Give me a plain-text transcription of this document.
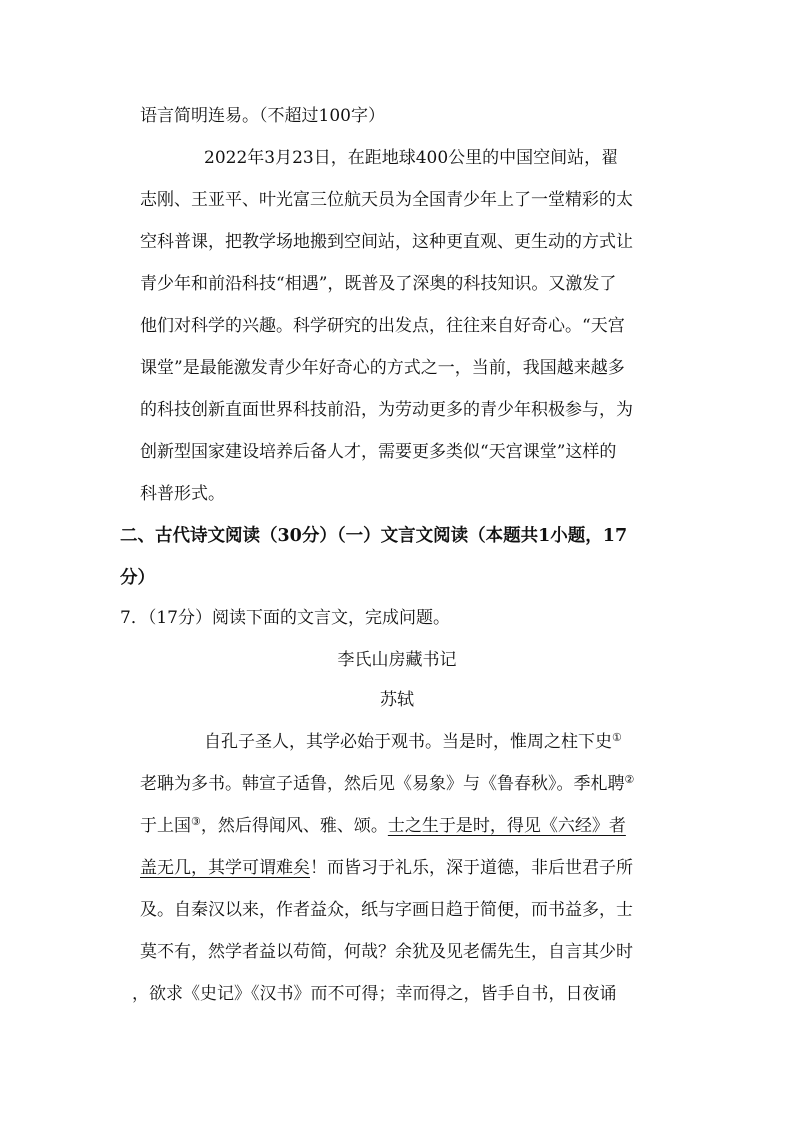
语言简明连易。（不超过100字）
2022年3月23日，在距地球400公里的中国空间站，翟
志刚、王亚平、叶光富三位航天员为全国青少年上了一堂精彩的太
空科普课，把教学场地搬到空间站，这种更直观、更生动的方式让
青少年和前沿科技“相遇”，既普及了深奥的科技知识。又激发了
他们对科学的兴趣。科学研究的出发点，往往来自好奇心。“天宫
课堂”是最能激发青少年好奇心的方式之一，当前，我国越来越多
的科技创新直面世界科技前沿，为劳动更多的青少年积极参与，为
创新型国家建设培养后备人才，需要更多类似“天宫课堂”这样的
科普形式。
二、古代诗文阅读（30分）（一）文言文阅读（本题共1小题，17
分）
7．（17分）阅读下面的文言文，完成问题。
李氏山房藏书记
苏轼
自孔子圣人，其学必始于观书。当是时，惟周之柱下史①
老聃为多书。韩宣子适鲁，然后见《易象》与《鲁春秋》。季札聘②
于上国③，然后得闻风、雅、颂。士之生于是时，得见《六经》者
盖无几，其学可谓难矣！而皆习于礼乐，深于道德，非后世君子所
及。自秦汉以来，作者益众，纸与字画日趋于简便，而书益多，士
莫不有，然学者益以苟简，何哉？余犹及见老儒先生，自言其少时
，欲求《史记》《汉书》而不可得；幸而得之，皆手自书，日夜诵
